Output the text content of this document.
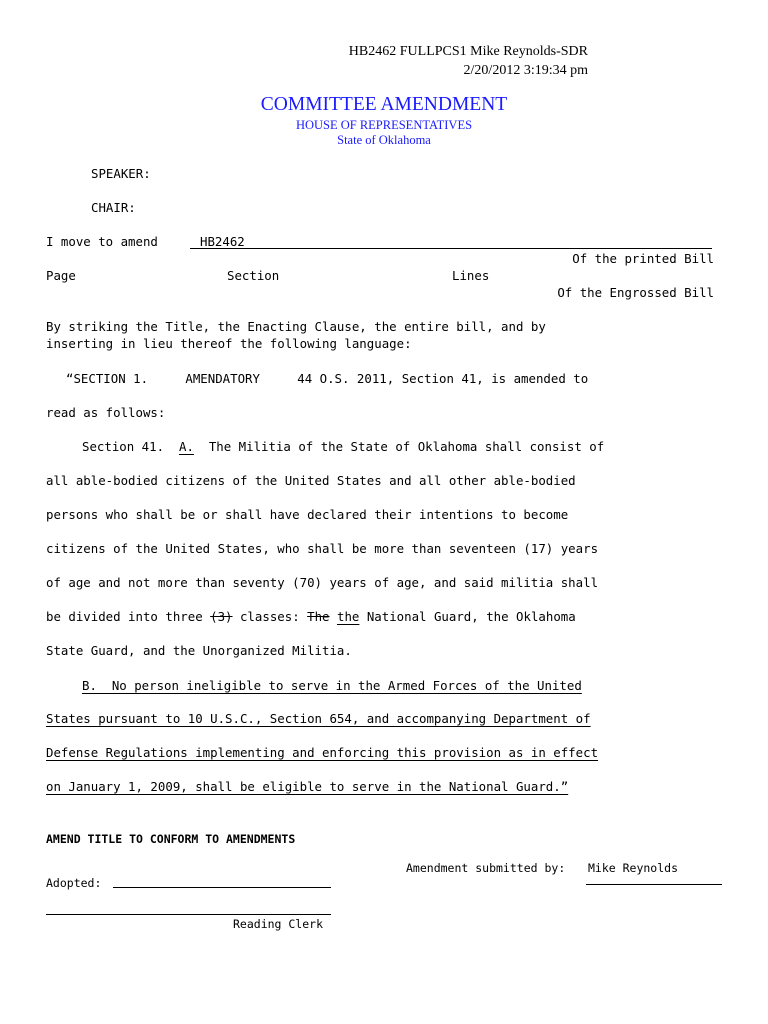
HB2462 FULLPCS1 Mike Reynolds-SDR
2/20/2012 3:19:34 pm
COMMITTEE AMENDMENT
HOUSE OF REPRESENTATIVES
State of Oklahoma
SPEAKER:
CHAIR:
I move to amend	HB2462
Of the printed Bill
Page	Section	Lines
Of the Engrossed Bill
By striking the Title, the Enacting Clause, the entire bill, and by
inserting in lieu thereof the following language:
“SECTION 1.     AMENDATORY     44 O.S. 2011, Section 41, is amended to
read as follows:
Section 41.  A.  The Militia of the State of Oklahoma shall consist of
all able-bodied citizens of the United States and all other able-bodied
persons who shall be or shall have declared their intentions to become
citizens of the United States, who shall be more than seventeen (17) years
of age and not more than seventy (70) years of age, and said militia shall
be divided into three (3) classes: The the National Guard, the Oklahoma
State Guard, and the Unorganized Militia.
B.  No person ineligible to serve in the Armed Forces of the United
States pursuant to 10 U.S.C., Section 654, and accompanying Department of
Defense Regulations implementing and enforcing this provision as in effect
on January 1, 2009, shall be eligible to serve in the National Guard.”
AMEND TITLE TO CONFORM TO AMENDMENTS
Amendment submitted by: Mike Reynolds
Adopted:
Reading Clerk
